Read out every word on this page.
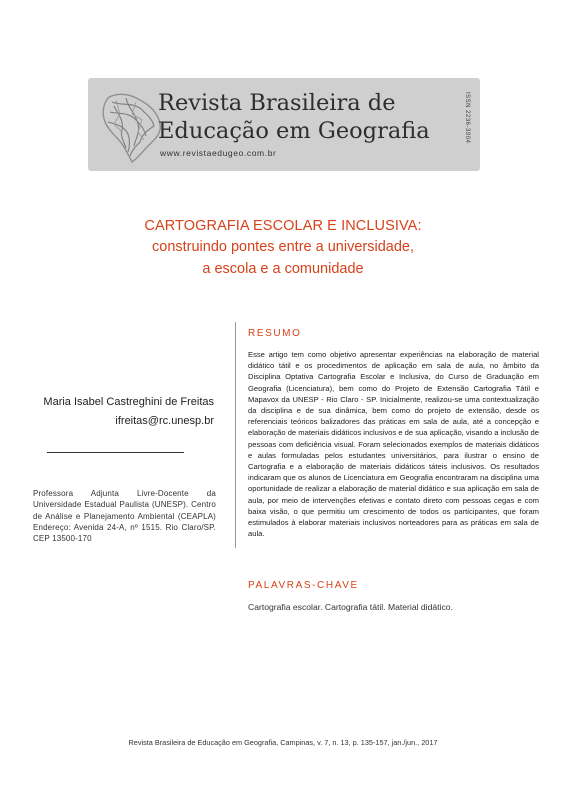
Revista Brasileira de
Educação em Geografia
www.revistaedugeo.com.br
ISSN 2236-3904
CARTOGRAFIA ESCOLAR E INCLUSIVA:
construindo pontes entre a universidade,
a escola e a comunidade
Maria Isabel Castreghini de Freitas
ifreitas@rc.unesp.br
Professora Adjunta Livre-Docente da Universidade Estadual Paulista (UNESP). Centro de Análise e Planejamento Ambiental (CEAPLA) Endereço: Avenida 24-A, nº 1515. Rio Claro/SP. CEP 13500-170
RESUMO
Esse artigo tem como objetivo apresentar experiências na elaboração de material didático tátil e os procedimentos de aplicação em sala de aula, no âmbito da Disciplina Optativa Cartografia Escolar e Inclusiva, do Curso de Graduação em Geografia (Licenciatura), bem como do Projeto de Extensão Cartografia Tátil e Mapavox da UNESP - Rio Claro - SP. Inicialmente, realizou-se uma contextualização da disciplina e de sua dinâmica, bem como do projeto de extensão, desde os referenciais teóricos balizadores das práticas em sala de aula, até a concepção e elaboração de materiais didáticos inclusivos e de sua aplicação, visando a inclusão de pessoas com deficiência visual. Foram selecionados exemplos de materiais didáticos e aulas formuladas pelos estudantes universitários, para ilustrar o ensino de Cartografia e a elaboração de materiais didáticos táteis inclusivos. Os resultados indicaram que os alunos de Licenciatura em Geografia encontraram na disciplina uma oportunidade de realizar a elaboração de material didático e sua aplicação em sala de aula, por meio de intervenções efetivas e contato direto com pessoas cegas e com baixa visão, o que permitiu um crescimento de todos os participantes, que foram estimulados à elaborar materiais inclusivos norteadores para as práticas em sala de aula.
PALAVRAS-CHAVE
Cartografia escolar. Cartografia tátil. Material didático.
Revista Brasileira de Educação em Geografia, Campinas, v. 7, n. 13, p. 135-157, jan./jun., 2017
